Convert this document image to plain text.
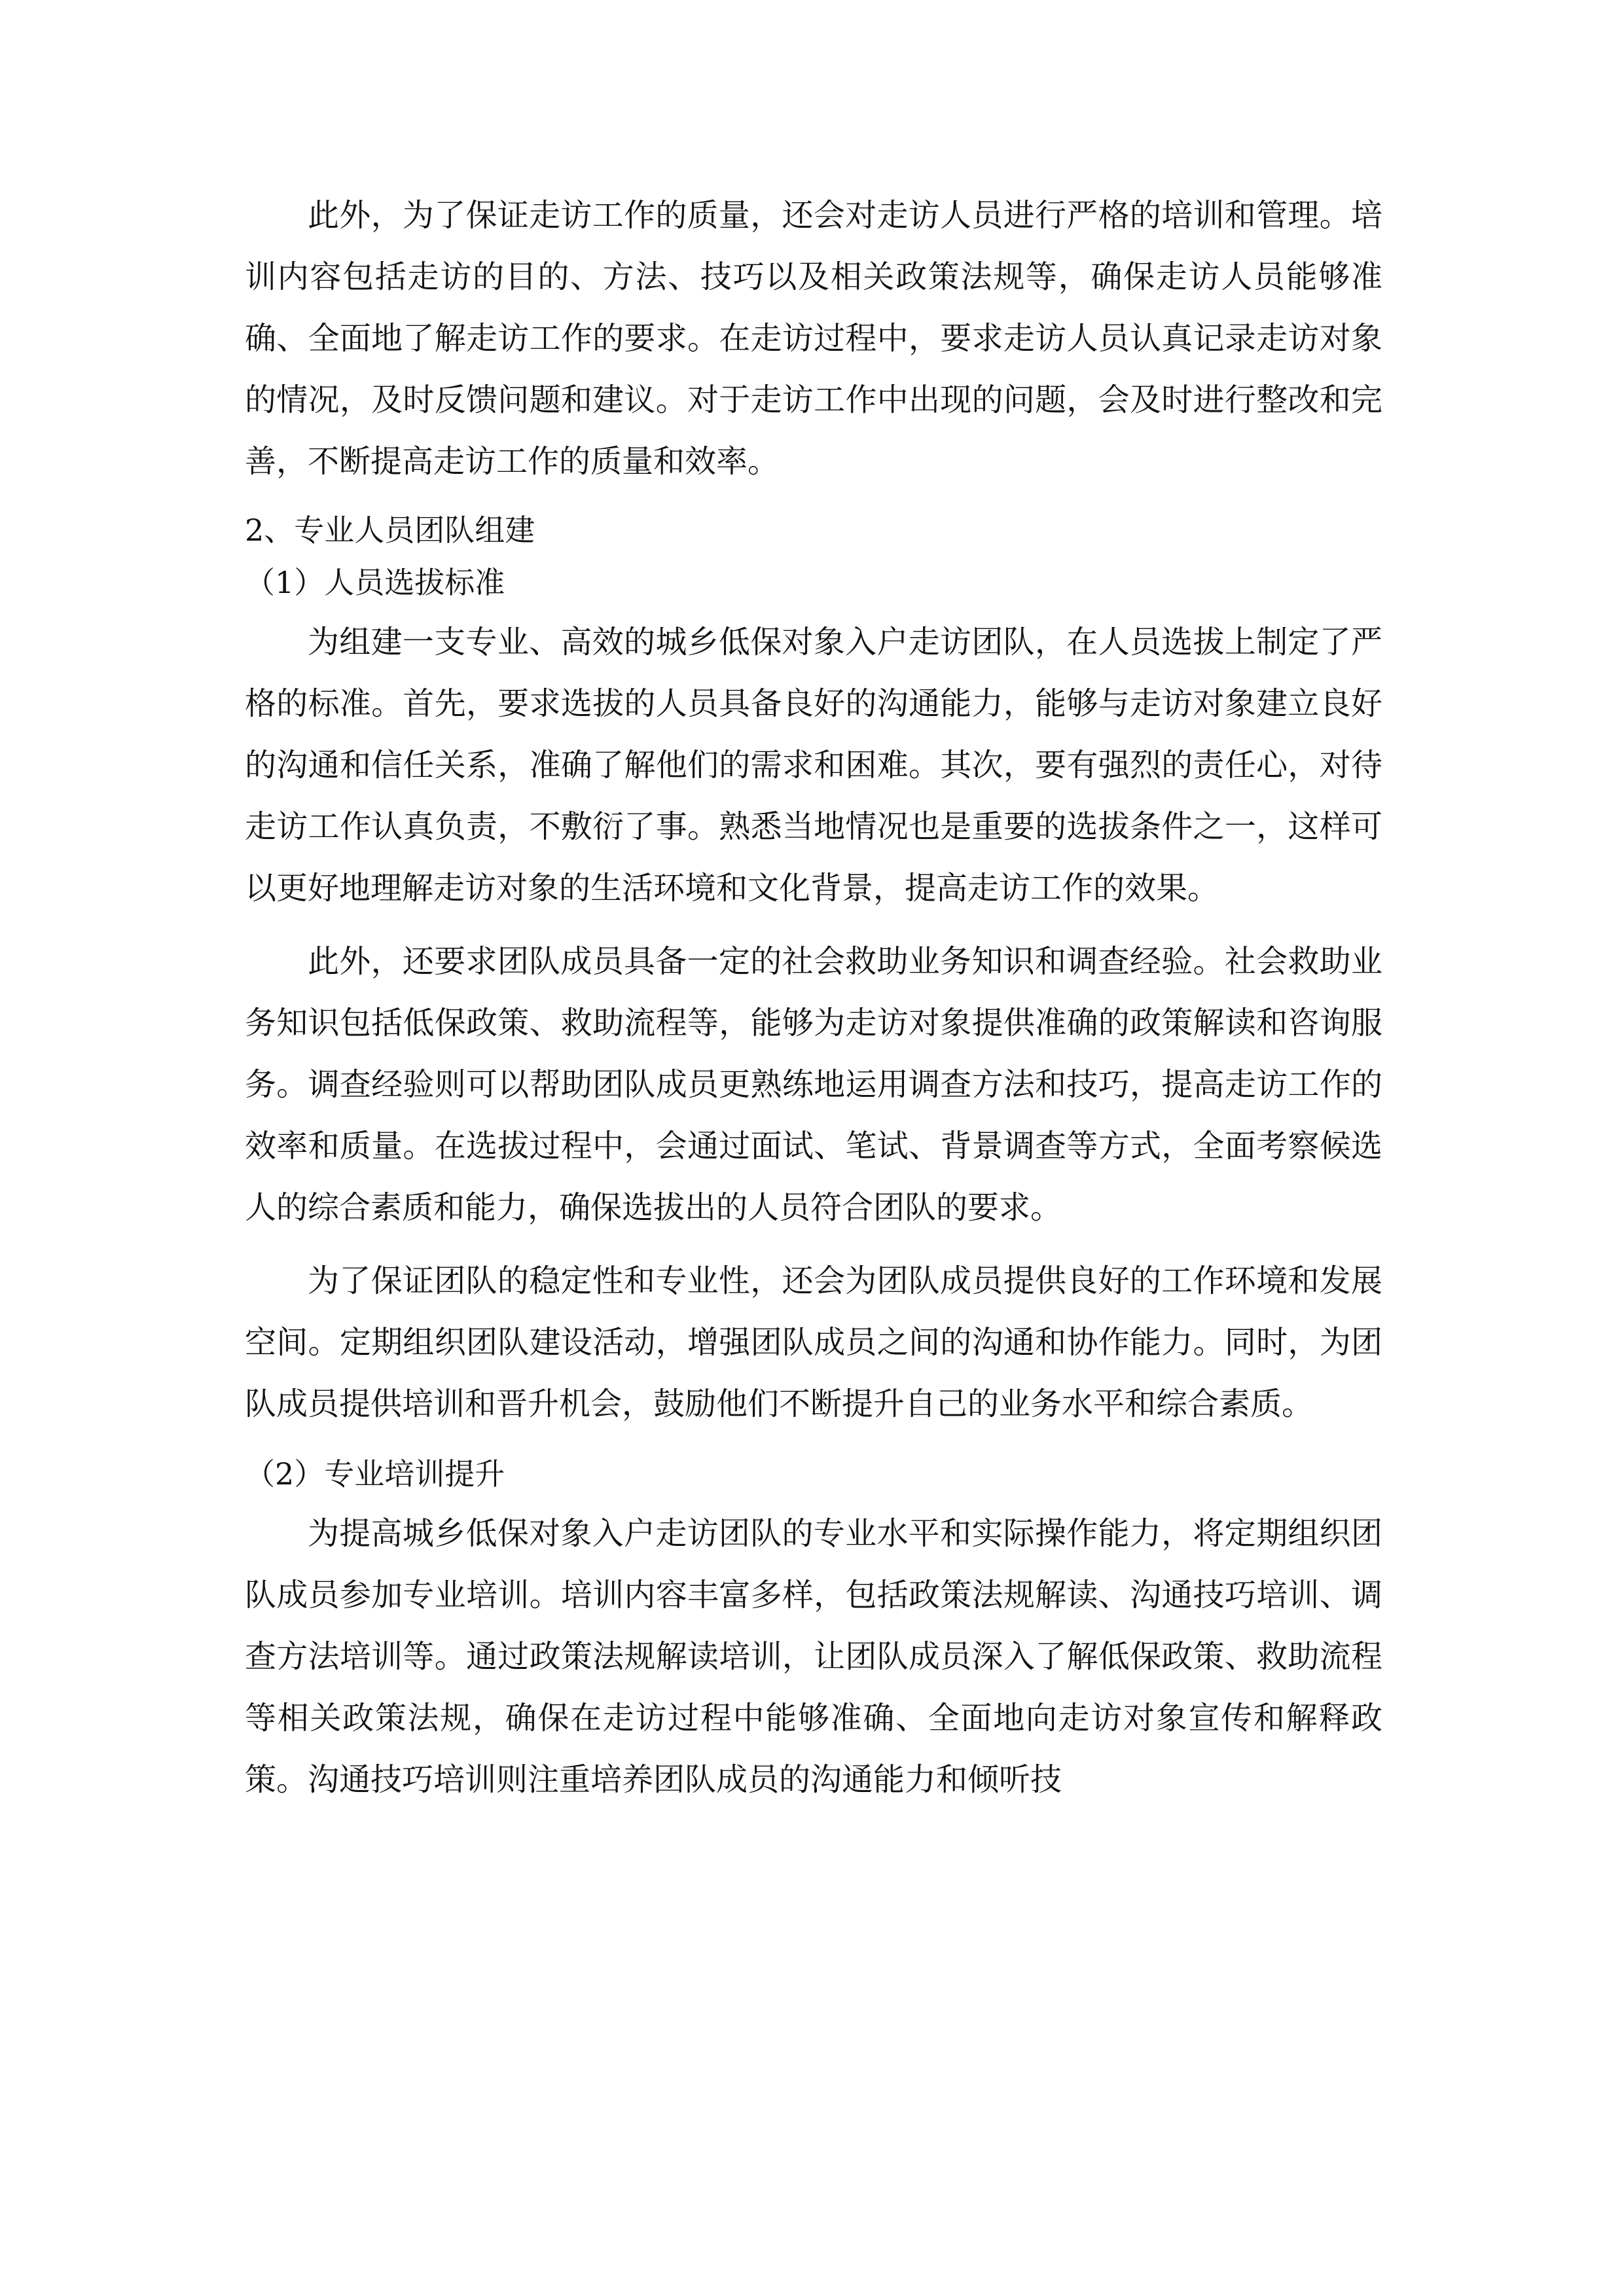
此外，为了保证走访工作的质量，还会对走访人员进行严格的培训和管理。培训内容包括走访的目的、方法、技巧以及相关政策法规等，确保走访人员能够准确、全面地了解走访工作的要求。在走访过程中，要求走访人员认真记录走访对象的情况，及时反馈问题和建议。对于走访工作中出现的问题，会及时进行整改和完善，不断提高走访工作的质量和效率。

2、专业人员团队组建

（1）人员选拔标准

为组建一支专业、高效的城乡低保对象入户走访团队，在人员选拔上制定了严格的标准。首先，要求选拔的人员具备良好的沟通能力，能够与走访对象建立良好的沟通和信任关系，准确了解他们的需求和困难。其次，要有强烈的责任心，对待走访工作认真负责，不敷衍了事。熟悉当地情况也是重要的选拔条件之一，这样可以更好地理解走访对象的生活环境和文化背景，提高走访工作的效果。

此外，还要求团队成员具备一定的社会救助业务知识和调查经验。社会救助业务知识包括低保政策、救助流程等，能够为走访对象提供准确的政策解读和咨询服务。调查经验则可以帮助团队成员更熟练地运用调查方法和技巧，提高走访工作的效率和质量。在选拔过程中，会通过面试、笔试、背景调查等方式，全面考察候选人的综合素质和能力，确保选拔出的人员符合团队的要求。

为了保证团队的稳定性和专业性，还会为团队成员提供良好的工作环境和发展空间。定期组织团队建设活动，增强团队成员之间的沟通和协作能力。同时，为团队成员提供培训和晋升机会，鼓励他们不断提升自己的业务水平和综合素质。

（2）专业培训提升

为提高城乡低保对象入户走访团队的专业水平和实际操作能力，将定期组织团队成员参加专业培训。培训内容丰富多样，包括政策法规解读、沟通技巧培训、调查方法培训等。通过政策法规解读培训，让团队成员深入了解低保政策、救助流程等相关政策法规，确保在走访过程中能够准确、全面地向走访对象宣传和解释政策。沟通技巧培训则注重培养团队成员的沟通能力和倾听技
